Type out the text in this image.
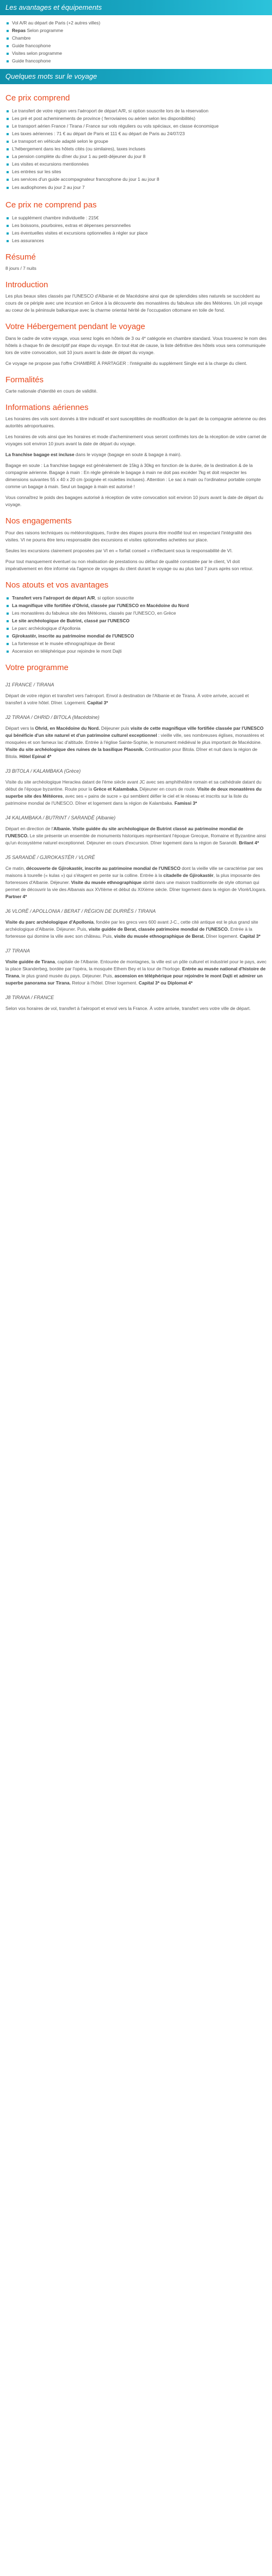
Les avantages et équipements
Vol A/R au départ de Paris (+2 autres villes)
Repas Selon programme
Chambre
Guide francophone
Visites selon programme
Guide francophone
Quelques mots sur le voyage
Ce prix comprend
Le transfert de votre région vers l'aéroport de départ A/R, si option souscrite lors de la réservation
Les pré et post acheminements de province ( ferroviaires ou aérien selon les disponibilités)
Le transport aérien France / Tirana / France sur vols réguliers ou vols spéciaux, en classe économique
Les taxes aériennes : 71 € au départ de Paris et 111 € au départ de Paris au 24/07/23
Le transport en véhicule adapté selon le groupe
L'hébergement dans les hôtels cités (ou similaires), taxes incluses
La pension complète du dîner du jour 1 au petit-déjeuner du jour 8
Les visites et excursions mentionnées
Les entrées sur les sites
Les services d'un guide accompagnateur francophone du jour 1 au jour 8
Les audiophones du jour 2 au jour 7
Ce prix ne comprend pas
Le supplément chambre individuelle : 215€
Les boissons, pourboires, extras et dépenses personnelles
Les éventuelles visites et excursions optionnelles à régler sur place
Les assurances
Résumé

8 jours / 7 nuits

Introduction

Les plus beaux sites classés par l'UNESCO d'Albanie et de Macédoine ainsi que de splendides sites naturels se succèdent au cours de ce périple avec une incursion en Grèce à la découverte des monastères du fabuleux site des Météores. Un joli voyage au coeur de la péninsule balkanique avec la charme oriental hérité de l'occupation ottomane en toile de fond.

Votre Hébergement pendant le voyage

Dans le cadre de votre voyage, vous serez logés en hôtels de 3 ou 4* catégorie en chambre standard. Vous trouverez le nom des hôtels à chaque fin de descriptif par étape du voyage. En tout état de cause, la liste définitive des hôtels vous sera communiquée lors de votre convocation, soit 10 jours avant la date de départ du voyage.

Ce voyage ne propose pas l'offre CHAMBRE À PARTAGER : l'intégralité du supplément Single est à la charge du client.

Formalités

Carte nationale d'identité en cours de validité.

Informations aériennes

Les horaires des vols sont donnés à titre indicatif et sont susceptibles de modification de la part de la compagnie aérienne ou des autorités aéroportuaires.

Les horaires de vols ainsi que les horaires et mode d'acheminement vous seront confirmés lors de la réception de votre carnet de voyages soit environ 10 jours avant la date de départ du voyage.

La franchise bagage est incluse dans le voyage (bagage en soute & bagage à main).

Bagage en soute : La franchise bagage est généralement de 15kg à 30kg en fonction de la durée, de la destination & de la compagnie aérienne. Bagage à main : En règle générale le bagage à main ne doit pas excéder 7kg et doit respecter les dimensions suivantes 55 x 40 x 20 cm (poignée et roulettes incluses). Attention : Le sac à main ou l'ordinateur portable compte comme un bagage à main. Seul un bagage à main est autorisé !

Vous connaîtrez le poids des bagages autorisé à réception de votre convocation soit environ 10 jours avant la date de départ du voyage.

Nos engagements

Pour des raisons techniques ou météorologiques, l'ordre des étapes pourra être modifié tout en respectant l'intégralité des visites. VI ne pourra être tenu responsable des excursions et visites optionnelles achetées sur place.

Seules les excursions clairement proposées par VI en « forfait conseil » n'effectuent sous la responsabilité de VI.

Pour tout manquement éventuel ou non réalisation de prestations ou défaut de qualité constatée par le client, VI doit impérativement en être informé via l'agence de voyages du client durant le voyage ou au plus tard 7 jours après son retour.

Nos atouts et vos avantages
Transfert vers l'aéroport de départ A/R, si option souscrite
La magnifique ville fortifiée d'Ohrid, classée par l'UNESCO en Macédoine du Nord
Les monastères du fabuleux site des Météores, classés par l'UNESCO, en Grèce
Le site archéologique de Butrint, classé par l'UNESCO
Le parc archéologique d'Apollonia
Gjirokastër, inscrite au patrimoine mondial de l'UNESCO
La forteresse et le musée ethnographique de Berat
Ascension en téléphérique pour rejoindre le mont Dajti
Votre programme
J1 FRANCE / TIRANA

Départ de votre région et transfert vers l'aéroport. Envol à destination de l'Albanie et de Tirana. À votre arrivée, accueil et transfert à votre hôtel. Dîner. Logement. Capital 3*

J2 TIRANA / OHRID / BITOLA (Macédoine)

Départ vers la Ohrid, en Macédoine du Nord. Déjeuner puis visite de cette magnifique ville fortifiée classée par l'UNESCO qui bénéficie d'un site naturel et d'un patrimoine culturel exceptionnel : vieille ville, ses nombreuses églises, monastères et mosquées et son fameux lac d'altitude. Entrée à l'église Sainte-Sophie, le monument médiéval le plus important de Macédoine. Visite du site archéologique des ruines de la basilique Plaosnik. Continuation pour Bitola. Dîner et nuit dans la région de Bitola. Hôtel Epinal 4*

J3 BITOLA / KALAMBAKA (Grèce)

Visite du site archéologique Heraclea datant de l'ème siècle avant JC avec ses amphithéâtre romain et sa cathédrale datant du début de l'époque byzantine. Route pour la Grèce et Kalambaka. Déjeuner en cours de route. Visite de deux monastères du superbe site des Météores, avec ses « pains de sucre » qui semblent défier le ciel et le réseau et inscrits sur la liste du patrimoine mondial de l'UNESCO. Dîner et logement dans la région de Kalambaka. Famissi 3*

J4 KALAMBAKA / BUTRINT / SARANDË (Albanie)

Départ en direction de l'Albanie. Visite guidée du site archéologique de Butrint classé au patrimoine mondial de l'UNESCO. Le site présente un ensemble de monuments historiques représentant l'époque Grecque, Romaine et Byzantine ainsi qu'un écosystème naturel exceptionnel. Déjeuner en cours d'excursion. Dîner logement dans la région de Sarandë. Brilant 4*

J5 SARANDË / GJIROKASTËR / VLORË

Ce matin, découverte de Gjirokastër, inscrite au patrimoine mondial de l'UNESCO dont la vieille ville se caractérise par ses maisons à tourelle (« kulas ») qui s'étagent en pente sur la colline. Entrée à la citadelle de Gjirokastër, la plus imposante des forteresses d'Albanie. Déjeuner. Visite du musée ethnographique abrité dans une maison traditionnelle de style ottoman qui permet de découvrir la vie des Albanais aux XVIIème et début du XIXème siècle. Dîner logement dans la région de Vlorë/Llogara. Partner 4*

J6 VLORË / APOLLONIA / BERAT / RÉGION DE DURRËS / TIRANA

Visite du parc archéologique d'Apollonia, fondée par les grecs vers 600 avant J-C., cette cité antique est le plus grand site archéologique d'Albanie. Déjeuner. Puis, visite guidée de Berat, classée patrimoine mondial de l'UNESCO. Entrée à la forteresse qui domine la ville avec son château. Puis, visite du musée ethnographique de Berat. Dîner logement. Capital 3*

J7 TIRANA

Visite guidée de Tirana, capitale de l'Albanie. Entourée de montagnes, la ville est un pôle culturel et industriel pour le pays, avec la place Skanderbeg, bordée par l'opéra, la mosquée Ethem Bey et la tour de l'horloge. Entrée au musée national d'histoire de Tirana, le plus grand musée du pays. Déjeuner. Puis, ascension en téléphérique pour rejoindre le mont Dajti et admirer un superbe panorama sur Tirana. Retour à l'hôtel. Dîner logement. Capital 3* ou Diplomat 4*

J8 TIRANA / FRANCE

Selon vos horaires de vol, transfert à l'aéroport et envol vers la France. À votre arrivée, transfert vers votre ville de départ.
